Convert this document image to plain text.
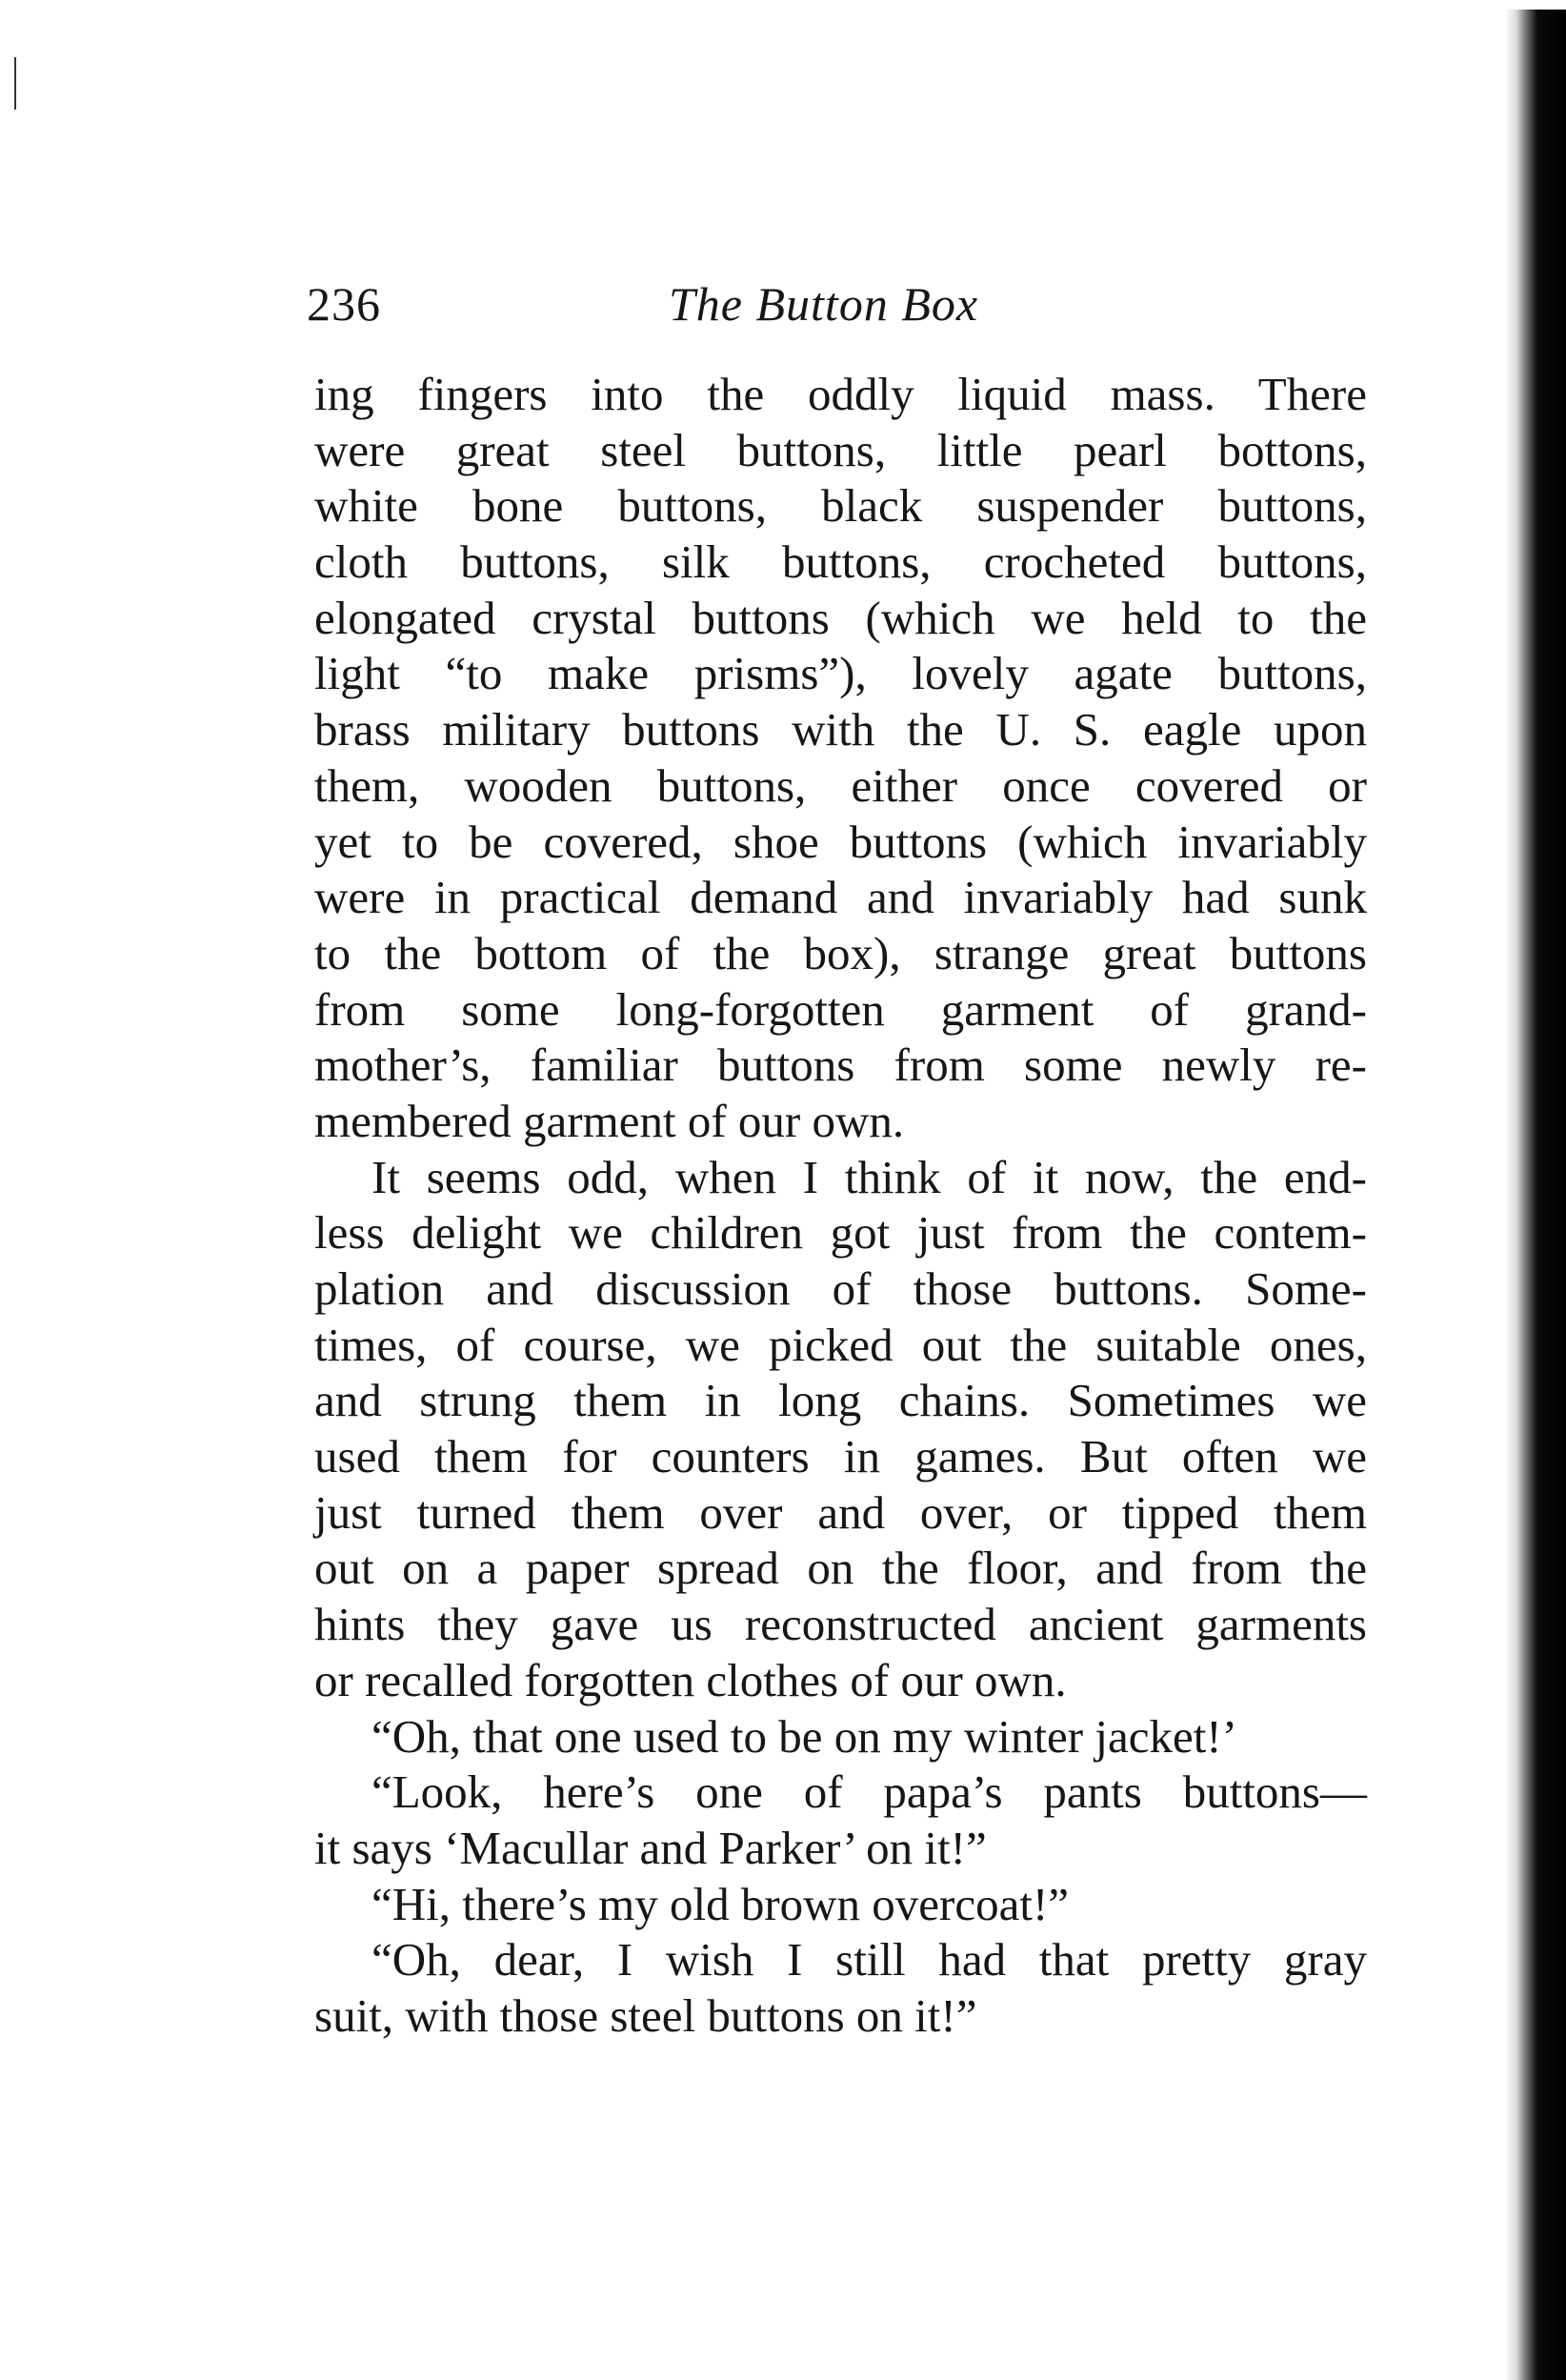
236	The Button Box
ing fingers into the oddly liquid mass. There
were great steel buttons, little pearl bottons,
white bone buttons, black suspender buttons,
cloth buttons, silk buttons, crocheted buttons,
elongated crystal buttons (which we held to the
light “to make prisms”), lovely agate buttons,
brass military buttons with the U. S. eagle upon
them, wooden buttons, either once covered or
yet to be covered, shoe buttons (which invariably
were in practical demand and invariably had sunk
to the bottom of the box), strange great buttons
from some long-forgotten garment of grand-
mother’s, familiar buttons from some newly re-
membered garment of our own.
It seems odd, when I think of it now, the end-
less delight we children got just from the contem-
plation and discussion of those buttons. Some-
times, of course, we picked out the suitable ones,
and strung them in long chains. Sometimes we
used them for counters in games. But often we
just turned them over and over, or tipped them
out on a paper spread on the floor, and from the
hints they gave us reconstructed ancient garments
or recalled forgotten clothes of our own.
“Oh, that one used to be on my winter jacket!’
“Look, here’s one of papa’s pants buttons—
it says ‘Macullar and Parker’ on it!”
“Hi, there’s my old brown overcoat!”
“Oh, dear, I wish I still had that pretty gray
suit, with those steel buttons on it!”
